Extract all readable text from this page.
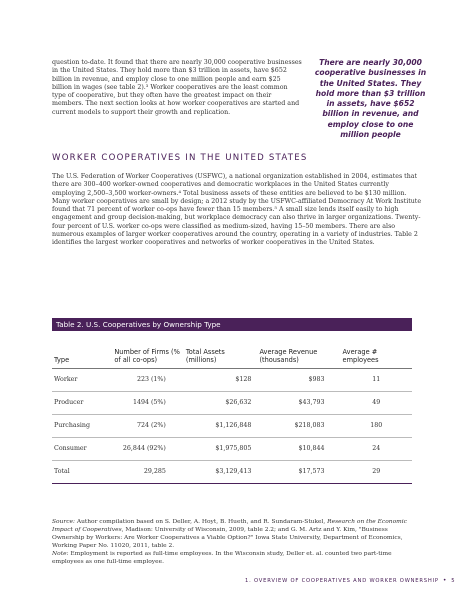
question to-date. It found that there are nearly 30,000 cooperative businesses in the United States. They hold more than $3 trillion in assets, have $652 billion in revenue, and employ close to one million people and earn $25 billion in wages (see table 2).³ Worker cooperatives are the least common type of cooperative, but they often have the greatest impact on their members. The next section looks at how worker cooperatives are started and current models to support their growth and replication.
There are nearly 30,000 cooperative businesses in the United States. They hold more than $3 trillion in assets, have $652 billion in revenue, and employ close to one million people
WORKER COOPERATIVES IN THE UNITED STATES
The U.S. Federation of Worker Cooperatives (USFWC), a national organization established in 2004, estimates that there are 300–400 worker-owned cooperatives and democratic workplaces in the United States currently employing 2,500–3,500 worker-owners.⁴ Total business assets of these entities are believed to be $130 million. Many worker cooperatives are small by design; a 2012 study by the USFWC-affiliated Democracy At Work Institute found that 71 percent of worker co-ops have fewer than 15 members.⁵ A small size lends itself easily to high engagement and group decision-making, but workplace democracy can also thrive in larger organizations. Twenty-four percent of U.S. worker co-ops were classified as medium-sized, having 15–50 members. There are also numerous examples of larger worker cooperatives around the country, operating in a variety of industries. Table 2 identifies the largest worker cooperatives and networks of worker cooperatives in the United States.
Table 2. U.S. Cooperatives by Ownership Type
Type	Number of Firms (% of all co-ops)	Total Assets (millions)	Average Revenue (thousands)	Average # employees
Worker	223 (1%)	$128	$983	11
Producer	1494 (5%)	$26,632	$43,793	49
Purchasing	724 (2%)	$1,126,848	$218,083	180
Consumer	26,844 (92%)	$1,975,805	$10,844	24
Total	29,285	$3,129,413	$17,573	29
Source: Author compilation based on S. Deller, A. Hoyt, B. Hueth, and R. Sundaram-Stukel, Research on the Economic Impact of Cooperatives, Madison: University of Wisconsin, 2009, table 2.2; and G. M. Artz and Y. Kim, "Business Ownership by Workers: Are Worker Cooperatives a Viable Option?" Iowa State University, Department of Economics, Working Paper No. 11020, 2011, table 2.
Note: Employment is reported as full-time employees. In the Wisconsin study, Deller et. al. counted two part-time employees as one full-time employee.
1. OVERVIEW OF COOPERATIVES AND WORKER OWNERSHIP • 5
